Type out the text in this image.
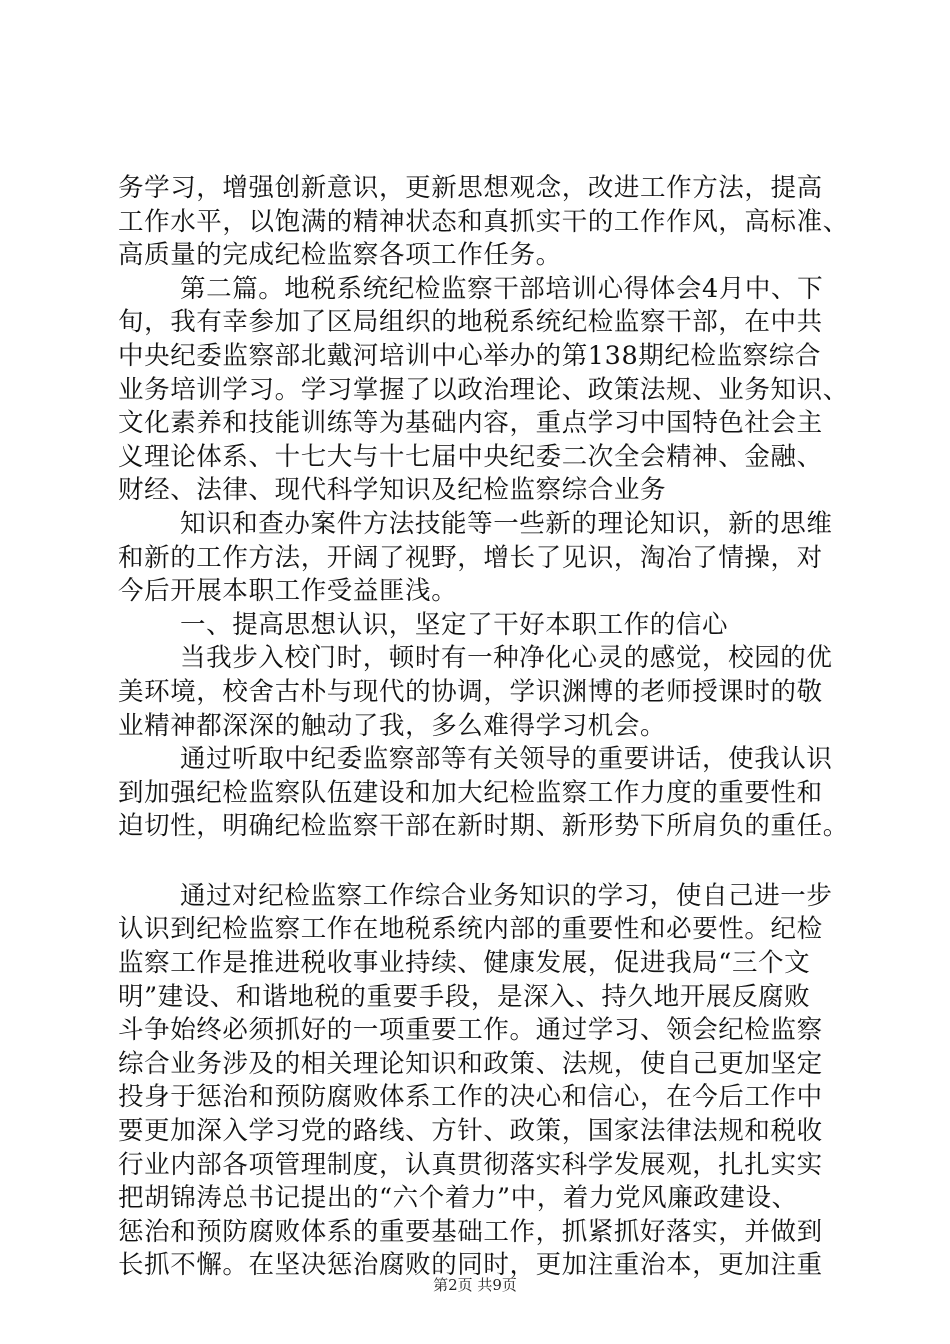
务学习，增强创新意识，更新思想观念，改进工作方法，提高
工作水平，以饱满的精神状态和真抓实干的工作作风，高标准、
高质量的完成纪检监察各项工作任务。
第二篇。地税系统纪检监察干部培训心得体会4月中、下
旬，我有幸参加了区局组织的地税系统纪检监察干部，在中共
中央纪委监察部北戴河培训中心举办的第138期纪检监察综合
业务培训学习。学习掌握了以政治理论、政策法规、业务知识、
文化素养和技能训练等为基础内容，重点学习中国特色社会主
义理论体系、十七大与十七届中央纪委二次全会精神、金融、
财经、法律、现代科学知识及纪检监察综合业务
知识和查办案件方法技能等一些新的理论知识，新的思维
和新的工作方法，开阔了视野，增长了见识，淘冶了情操，对
今后开展本职工作受益匪浅。
一、提高思想认识，坚定了干好本职工作的信心
当我步入校门时，顿时有一种净化心灵的感觉，校园的优
美环境，校舍古朴与现代的协调，学识渊博的老师授课时的敬
业精神都深深的触动了我，多么难得学习机会。
通过听取中纪委监察部等有关领导的重要讲话，使我认识
到加强纪检监察队伍建设和加大纪检监察工作力度的重要性和
迫切性，明确纪检监察干部在新时期、新形势下所肩负的重任。
通过对纪检监察工作综合业务知识的学习，使自己进一步
认识到纪检监察工作在地税系统内部的重要性和必要性。纪检
监察工作是推进税收事业持续、健康发展，促进我局“三个文
明”建设、和谐地税的重要手段，是深入、持久地开展反腐败
斗争始终必须抓好的一项重要工作。通过学习、领会纪检监察
综合业务涉及的相关理论知识和政策、法规，使自己更加坚定
投身于惩治和预防腐败体系工作的决心和信心，在今后工作中
要更加深入学习党的路线、方针、政策，国家法律法规和税收
行业内部各项管理制度，认真贯彻落实科学发展观，扎扎实实
把胡锦涛总书记提出的“六个着力”中，着力党风廉政建设、
惩治和预防腐败体系的重要基础工作，抓紧抓好落实，并做到
长抓不懈。在坚决惩治腐败的同时，更加注重治本，更加注重
第2页 共9页
